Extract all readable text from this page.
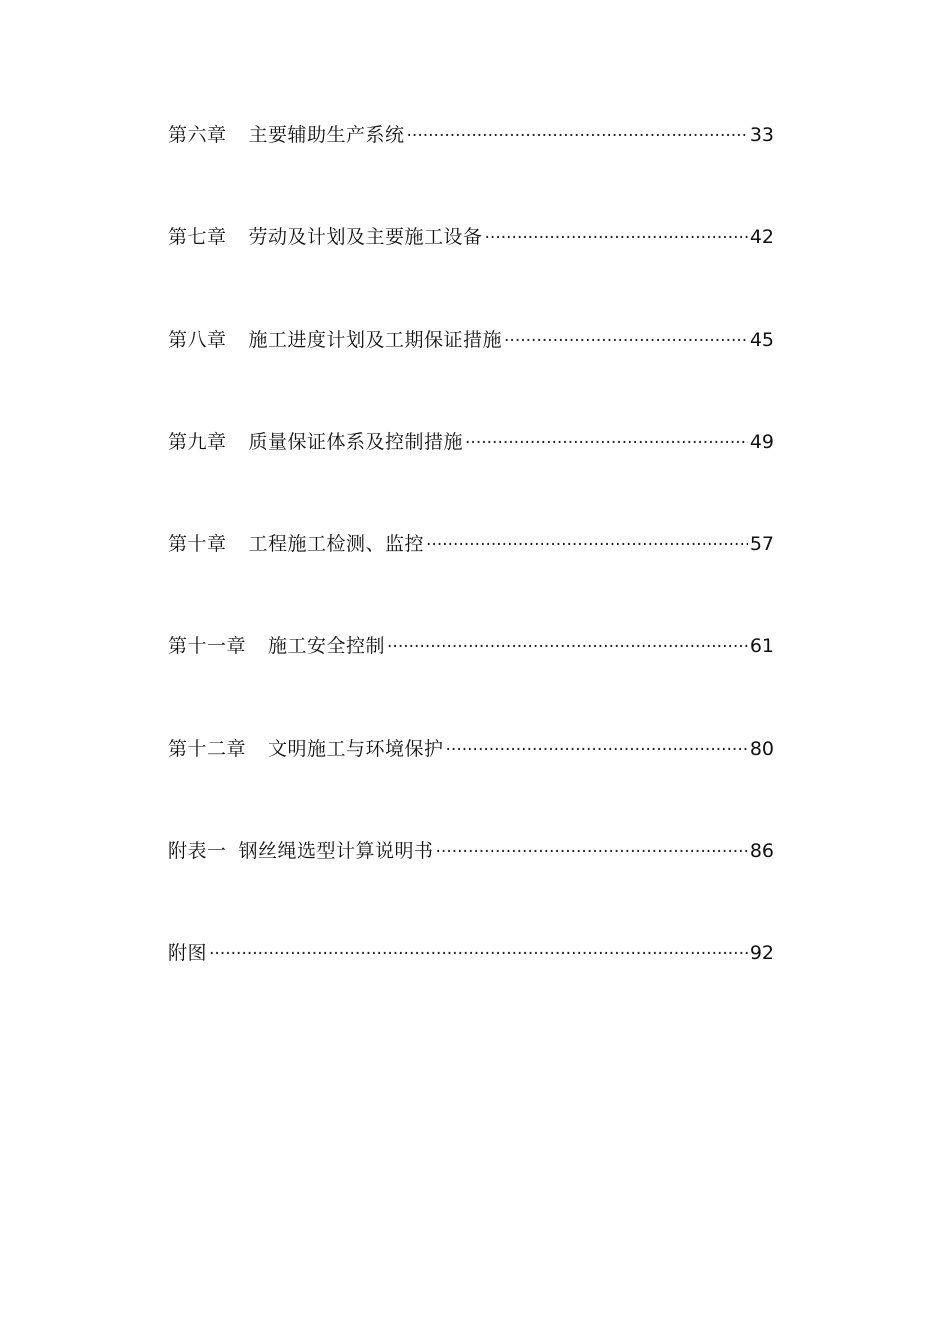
第六章 主要辅助生产系统 ·····	33
第七章 劳动及计划及主要施工设备 ·····	42
第八章 施工进度计划及工期保证措施 ·····	45
第九章 质量保证体系及控制措施 ·····	49
第十章 工程施工检测、监控 ·····	57
第十一章 施工安全控制 ·····	61
第十二章 文明施工与环境保护 ·····	80
附表一 钢丝绳选型计算说明书 ·····	86
附图 ·····	92
